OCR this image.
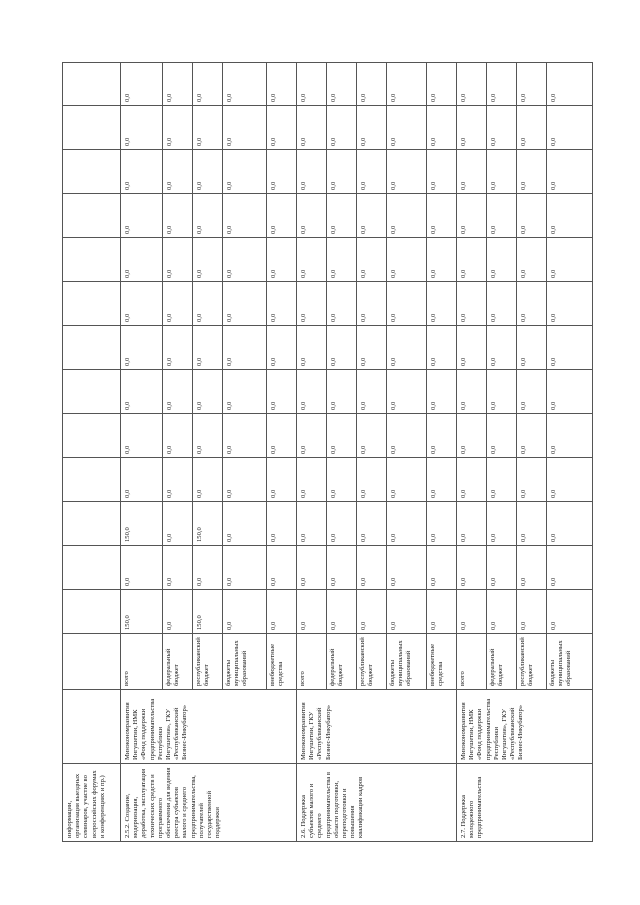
информации, организация выездных семинаров, участие во всероссийских форумах и конференциях и пр.)															
2.5.2. Создание, модернизация, доработка, эксплуатация технических средств и программного обеспечения для ведения реестра субъектов малого и среднего предпринимательства, получателей государственной поддержки	Минэкономразвития Ингушетии, НМК «Фонд поддержки предпринимательства Республики Ингушетия», ГКУ «Республиканский Бизнес-Инкубатор»	всего	150,0	0,0	150,0	0,0	0,0	0,0	0,0	0,0	0,0	0,0	0,0	0,0	0,0
		федеральный бюджет	0,0	0,0	0,0	0,0	0,0	0,0	0,0	0,0	0,0	0,0	0,0	0,0	0,0
		республиканский бюджет	150,0	0,0	150,0	0,0	0,0	0,0	0,0	0,0	0,0	0,0	0,0	0,0	0,0
		бюджеты муниципальных образований	0,0	0,0	0,0	0,0	0,0	0,0	0,0	0,0	0,0	0,0	0,0	0,0	0,0
		внебюджетные средства	0,0	0,0	0,0	0,0	0,0	0,0	0,0	0,0	0,0	0,0	0,0	0,0	0,0
2.6. Поддержка субъектов малого и среднего предпринимательства в области подготовки, переподготовки и повышения квалификации кадров	Минэкономразвития Ингушетии, ГКУ «Республиканский Бизнес-Инкубатор»	всего	0,0	0,0	0,0	0,0	0,0	0,0	0,0	0,0	0,0	0,0	0,0	0,0	0,0
		федеральный бюджет	0,0	0,0	0,0	0,0	0,0	0,0	0,0	0,0	0,0	0,0	0,0	0,0	0,0
		республиканский бюджет	0,0	0,0	0,0	0,0	0,0	0,0	0,0	0,0	0,0	0,0	0,0	0,0	0,0
		бюджеты муниципальных образований	0,0	0,0	0,0	0,0	0,0	0,0	0,0	0,0	0,0	0,0	0,0	0,0	0,0
		внебюджетные средства	0,0	0,0	0,0	0,0	0,0	0,0	0,0	0,0	0,0	0,0	0,0	0,0	0,0
2.7. Поддержка молодежного предпринимательства	Минэкономразвития Ингушетии, НМК «Фонд поддержки предпринимательства Республики Ингушетия», ГКУ «Республиканский Бизнес-Инкубатор»	всего	0,0	0,0	0,0	0,0	0,0	0,0	0,0	0,0	0,0	0,0	0,0	0,0	0,0
		федеральный бюджет	0,0	0,0	0,0	0,0	0,0	0,0	0,0	0,0	0,0	0,0	0,0	0,0	0,0
		республиканский бюджет	0,0	0,0	0,0	0,0	0,0	0,0	0,0	0,0	0,0	0,0	0,0	0,0	0,0
		бюджеты муниципальных образований	0,0	0,0	0,0	0,0	0,0	0,0	0,0	0,0	0,0	0,0	0,0	0,0	0,0
